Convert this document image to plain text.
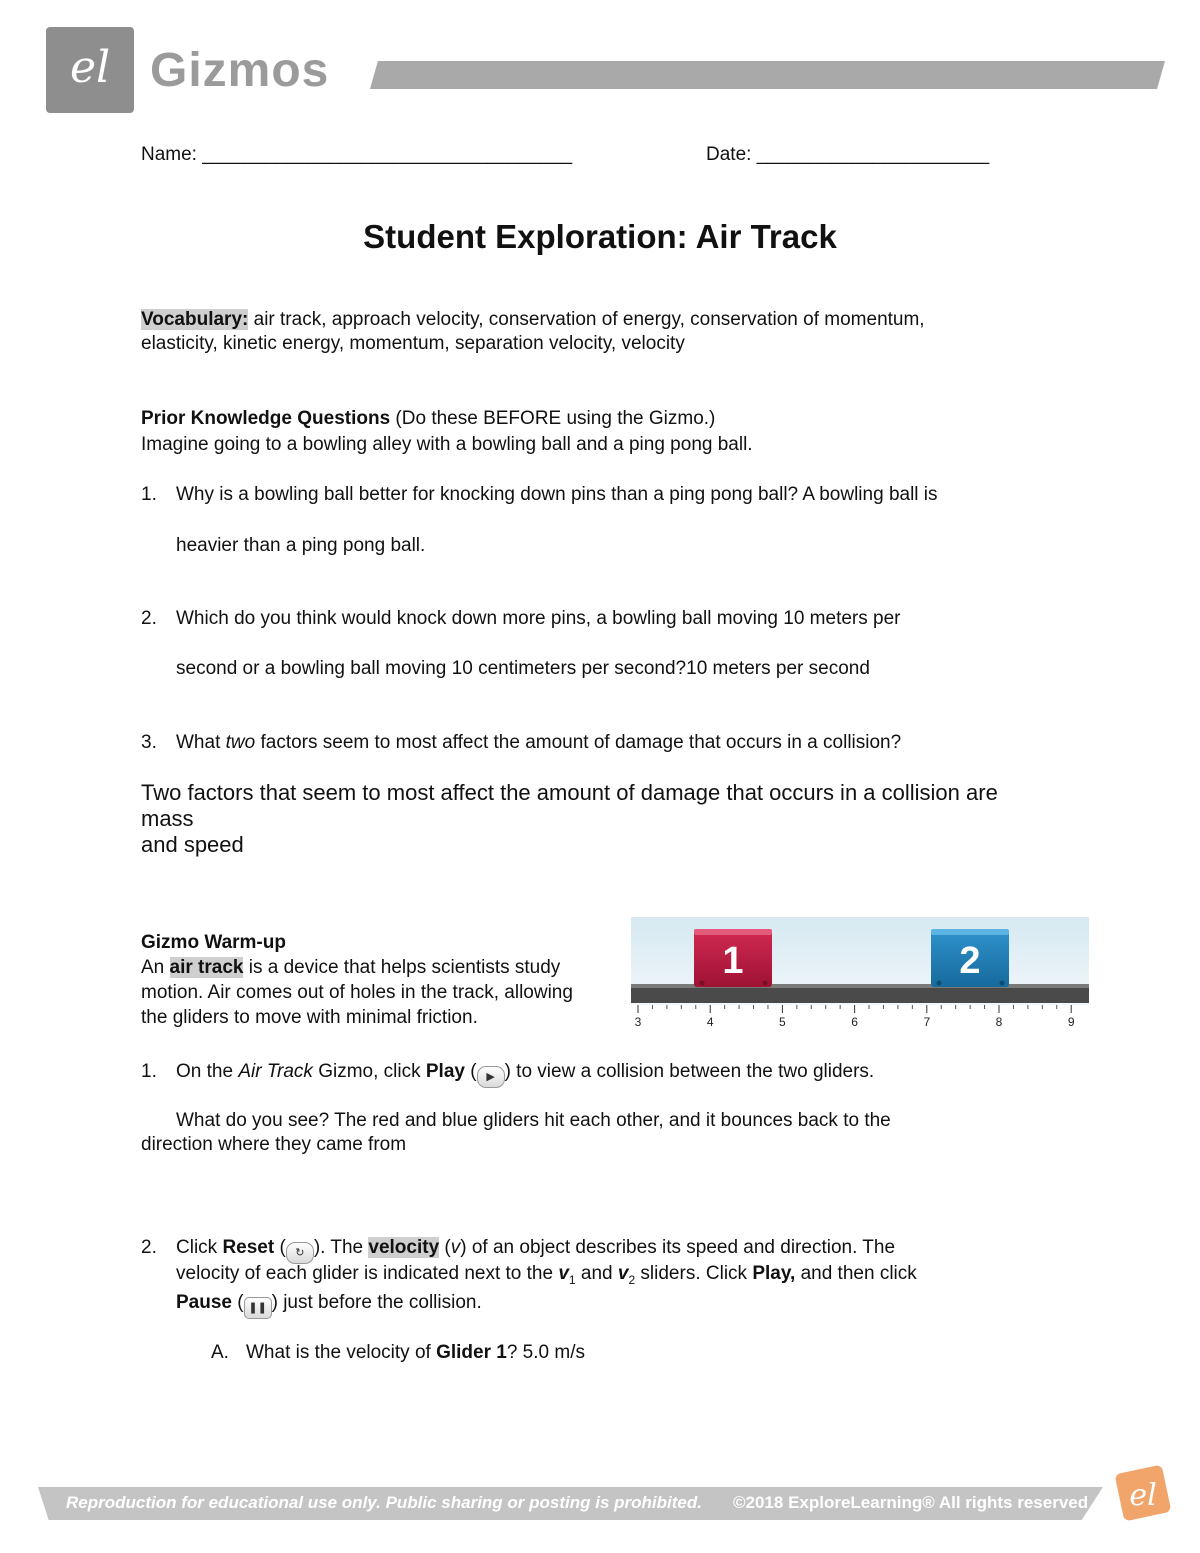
el Gizmos
Name: ___________________________________	Date: ______________________
Student Exploration: Air Track
Vocabulary: air track, approach velocity, conservation of energy, conservation of momentum,
elasticity, kinetic energy, momentum, separation velocity, velocity
Prior Knowledge Questions (Do these BEFORE using the Gizmo.)
Imagine going to a bowling alley with a bowling ball and a ping pong ball.
1. Why is a bowling ball better for knocking down pins than a ping pong ball? A bowling ball is
heavier than a ping pong ball.
2. Which do you think would knock down more pins, a bowling ball moving 10 meters per
second or a bowling ball moving 10 centimeters per second?10 meters per second
3. What two factors seem to most affect the amount of damage that occurs in a collision?
Two factors that seem to most affect the amount of damage that occurs in a collision are
mass
and speed
Gizmo Warm-up
An air track is a device that helps scientists study
motion. Air comes out of holes in the track, allowing
the gliders to move with minimal friction.
1	2
3	4	5	6	7	8	9
1. On the Air Track Gizmo, click Play ( ▶ ) to view a collision between the two gliders.
What do you see? The red and blue gliders hit each other, and it bounces back to the
direction where they came from
2. Click Reset ( ↻ ). The velocity (v) of an object describes its speed and direction. The
velocity of each glider is indicated next to the $v_1$ and $v_2$ sliders. Click Play, and then click
Pause ( ❚❚ ) just before the collision.
A. What is the velocity of Glider 1? 5.0 m/s
Reproduction for educational use only. Public sharing or posting is prohibited. ©2018 ExploreLearning® All rights reserved el
